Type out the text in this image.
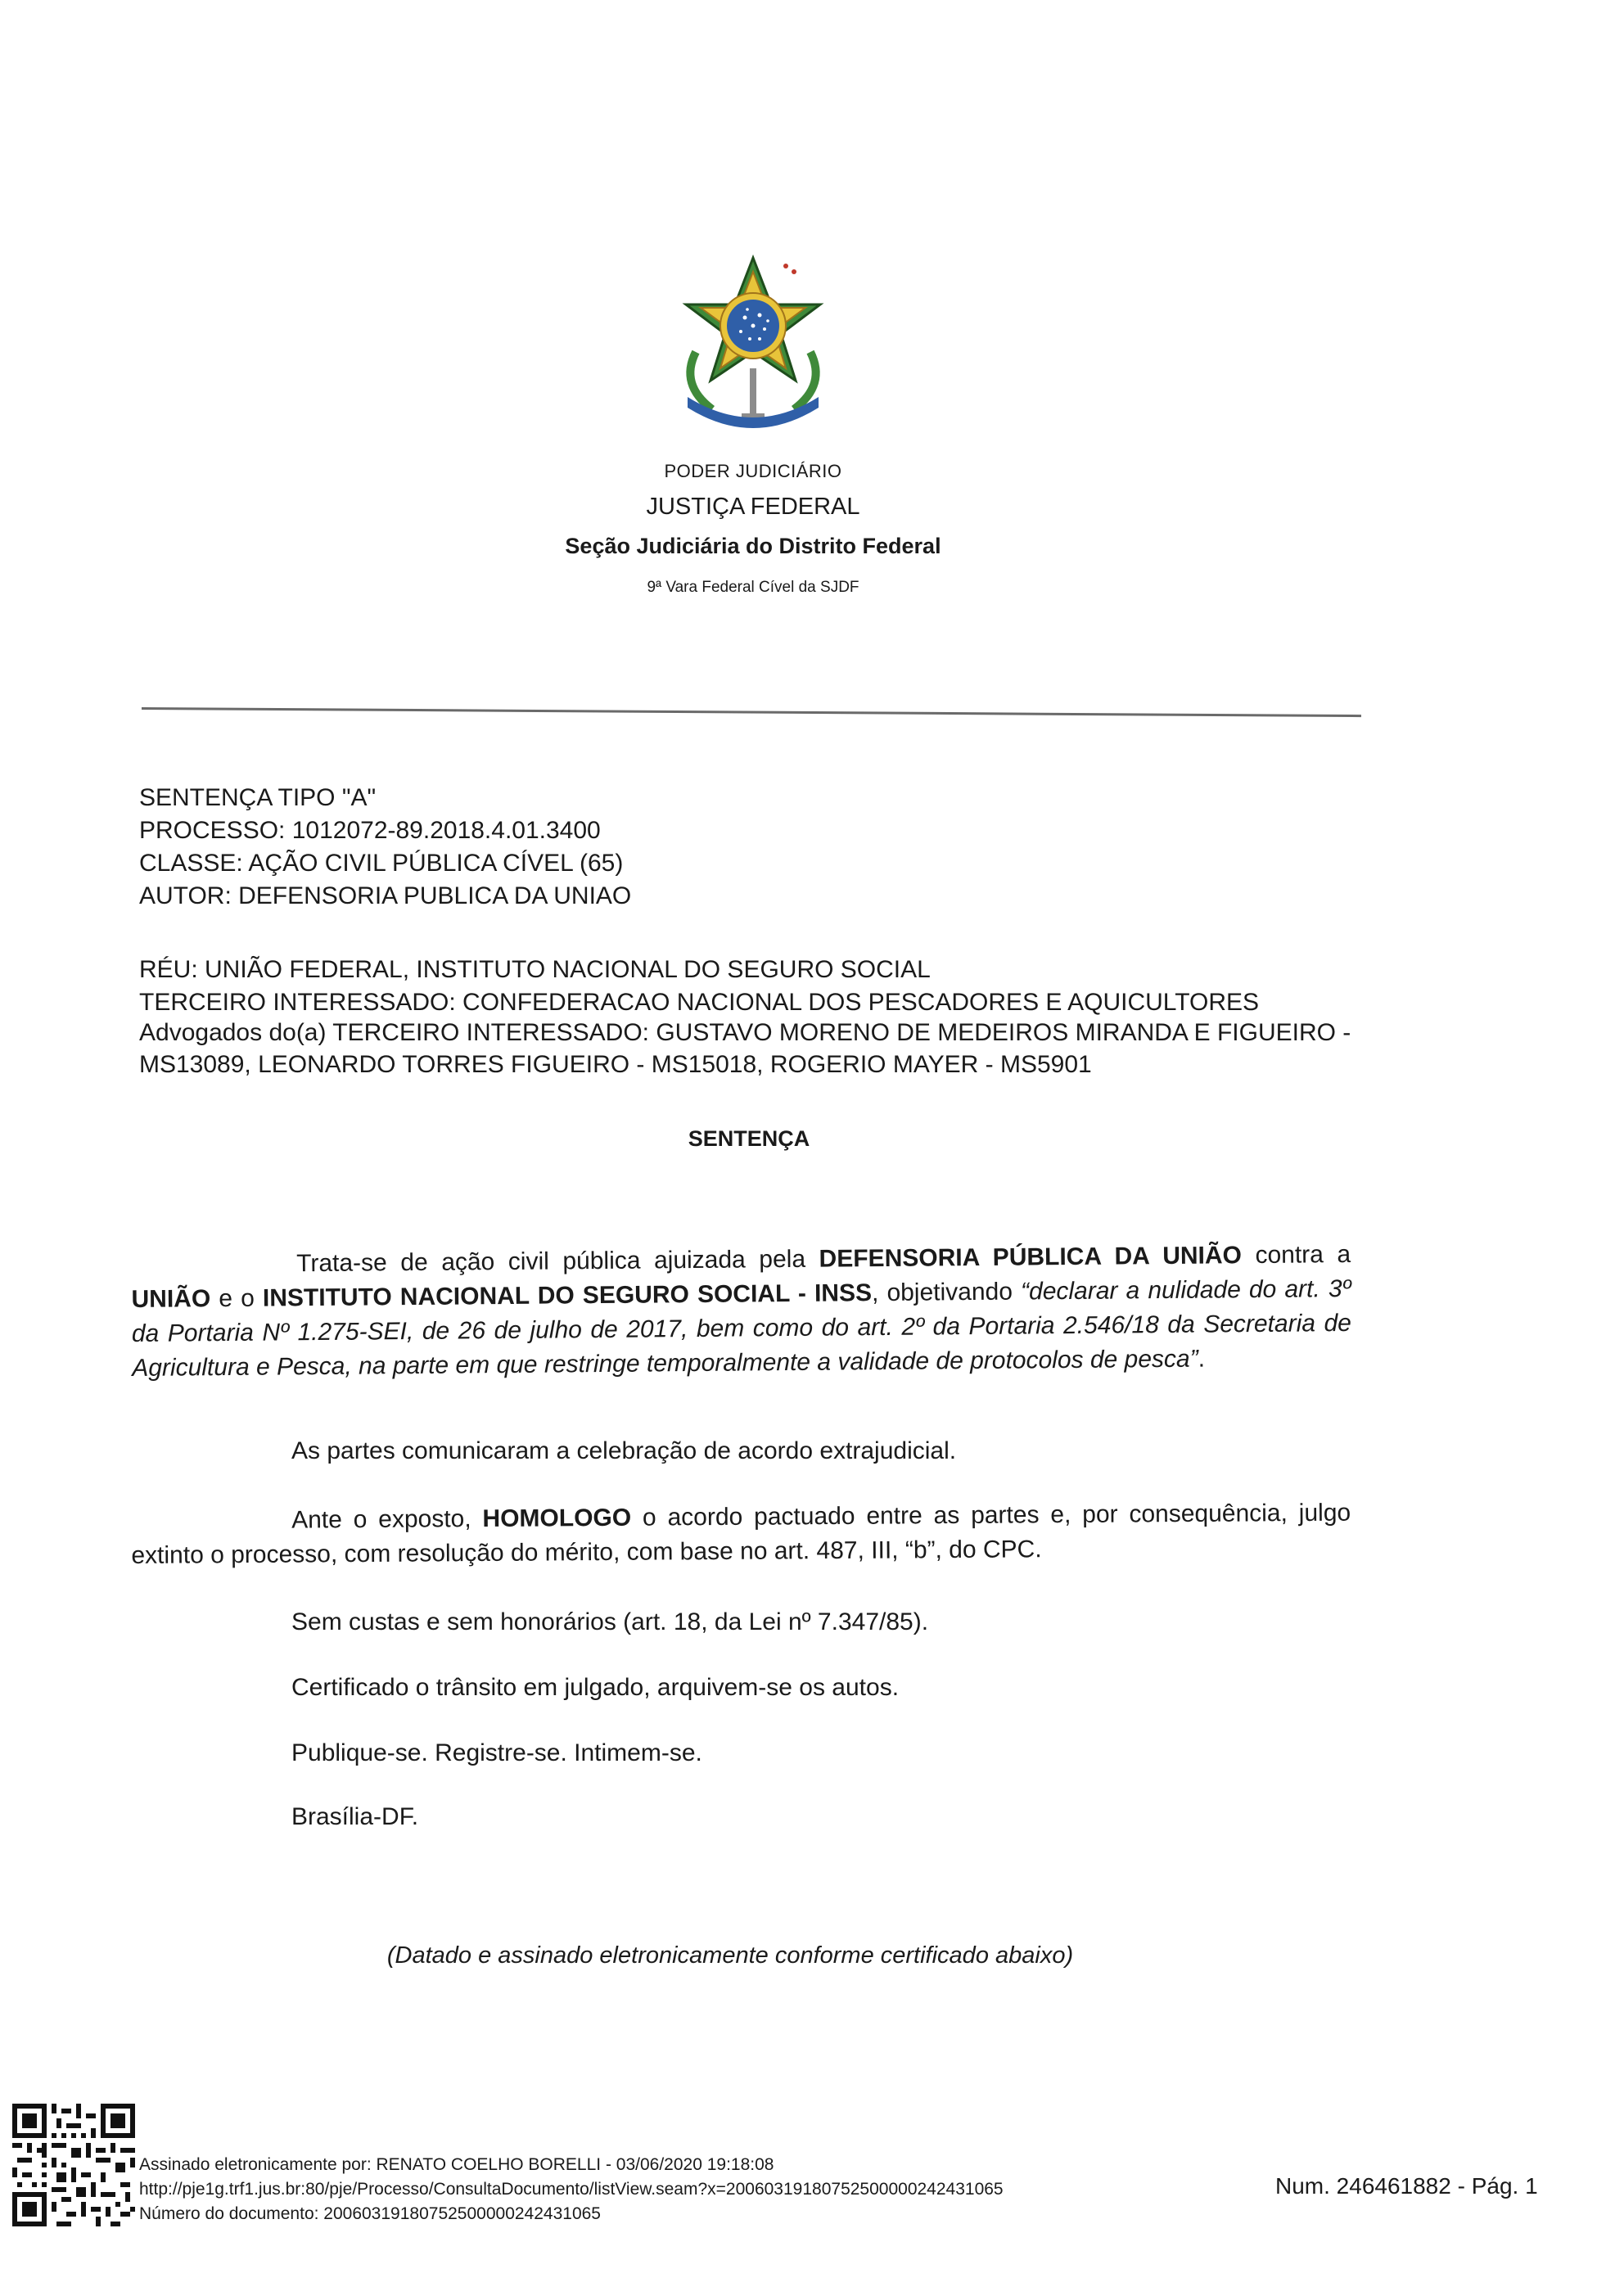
PODER JUDICIÁRIO
JUSTIÇA FEDERAL
Seção Judiciária do Distrito Federal
9ª Vara Federal Cível da SJDF
SENTENÇA TIPO "A"
PROCESSO: 1012072-89.2018.4.01.3400
CLASSE: AÇÃO CIVIL PÚBLICA CÍVEL (65)
AUTOR: DEFENSORIA PUBLICA DA UNIAO
RÉU: UNIÃO FEDERAL, INSTITUTO NACIONAL DO SEGURO SOCIAL
TERCEIRO INTERESSADO: CONFEDERACAO NACIONAL DOS PESCADORES E AQUICULTORES
Advogados do(a) TERCEIRO INTERESSADO: GUSTAVO MORENO DE MEDEIROS MIRANDA E FIGUEIRO -
MS13089, LEONARDO TORRES FIGUEIRO - MS15018, ROGERIO MAYER - MS5901
SENTENÇA
Trata-se de ação civil pública ajuizada pela DEFENSORIA PÚBLICA DA UNIÃO contra a UNIÃO e o INSTITUTO NACIONAL DO SEGURO SOCIAL - INSS, objetivando “declarar a nulidade do art. 3º da Portaria Nº 1.275-SEI, de 26 de julho de 2017, bem como do art. 2º da Portaria 2.546/18 da Secretaria de Agricultura e Pesca, na parte em que restringe temporalmente a validade de protocolos de pesca”.
As partes comunicaram a celebração de acordo extrajudicial.
Ante o exposto, HOMOLOGO o acordo pactuado entre as partes e, por consequência, julgo extinto o processo, com resolução do mérito, com base no art. 487, III, “b”, do CPC.
Sem custas e sem honorários (art. 18, da Lei nº 7.347/85).
Certificado o trânsito em julgado, arquivem-se os autos.
Publique-se. Registre-se. Intimem-se.
Brasília-DF.
(Datado e assinado eletronicamente conforme certificado abaixo)
Assinado eletronicamente por: RENATO COELHO BORELLI - 03/06/2020 19:18:08
http://pje1g.trf1.jus.br:80/pje/Processo/ConsultaDocumento/listView.seam?x=20060319180752500000242431065
Número do documento: 20060319180752500000242431065
Num. 246461882 - Pág. 1
